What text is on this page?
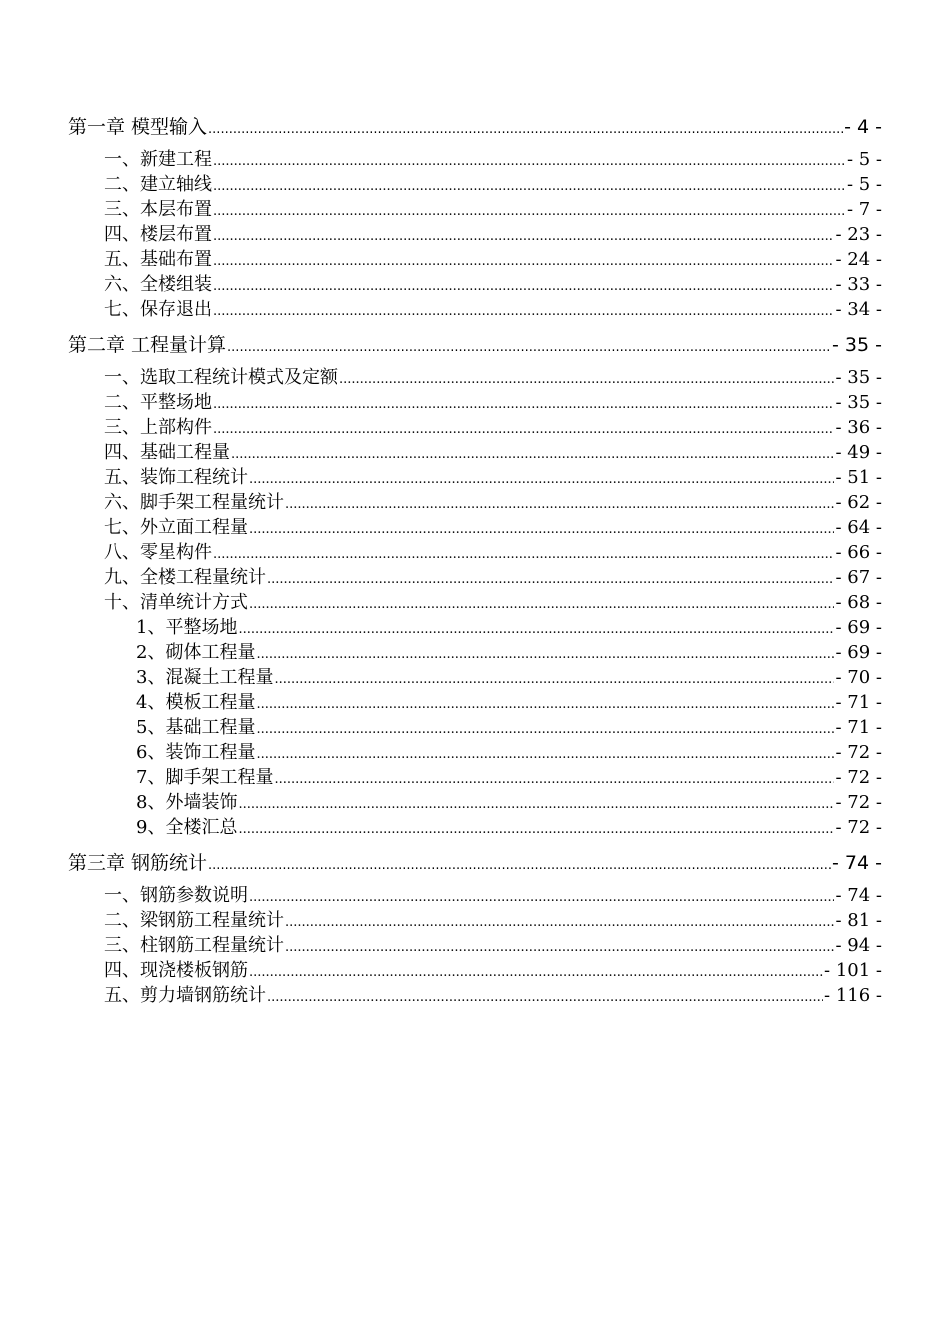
第一章 模型输入 .....	- 4 -
一、新建工程 .....	- 5 -
二、建立轴线 .....	- 5 -
三、本层布置 .....	- 7 -
四、楼层布置 .....	- 23 -
五、基础布置 .....	- 24 -
六、全楼组装 .....	- 33 -
七、保存退出 .....	- 34 -
第二章 工程量计算 .....	- 35 -
一、选取工程统计模式及定额 .....	- 35 -
二、平整场地 .....	- 35 -
三、上部构件 .....	- 36 -
四、基础工程量 .....	- 49 -
五、装饰工程统计 .....	- 51 -
六、脚手架工程量统计 .....	- 62 -
七、外立面工程量 .....	- 64 -
八、零星构件 .....	- 66 -
九、全楼工程量统计 .....	- 67 -
十、清单统计方式 .....	- 68 -
1、平整场地 .....	- 69 -
2、砌体工程量 .....	- 69 -
3、混凝土工程量 .....	- 70 -
4、模板工程量 .....	- 71 -
5、基础工程量 .....	- 71 -
6、装饰工程量 .....	- 72 -
7、脚手架工程量 .....	- 72 -
8、外墙装饰 .....	- 72 -
9、全楼汇总 .....	- 72 -
第三章 钢筋统计 .....	- 74 -
一、钢筋参数说明 .....	- 74 -
二、梁钢筋工程量统计 .....	- 81 -
三、柱钢筋工程量统计 .....	- 94 -
四、现浇楼板钢筋 .....	- 101 -
五、剪力墙钢筋统计 .....	- 116 -
